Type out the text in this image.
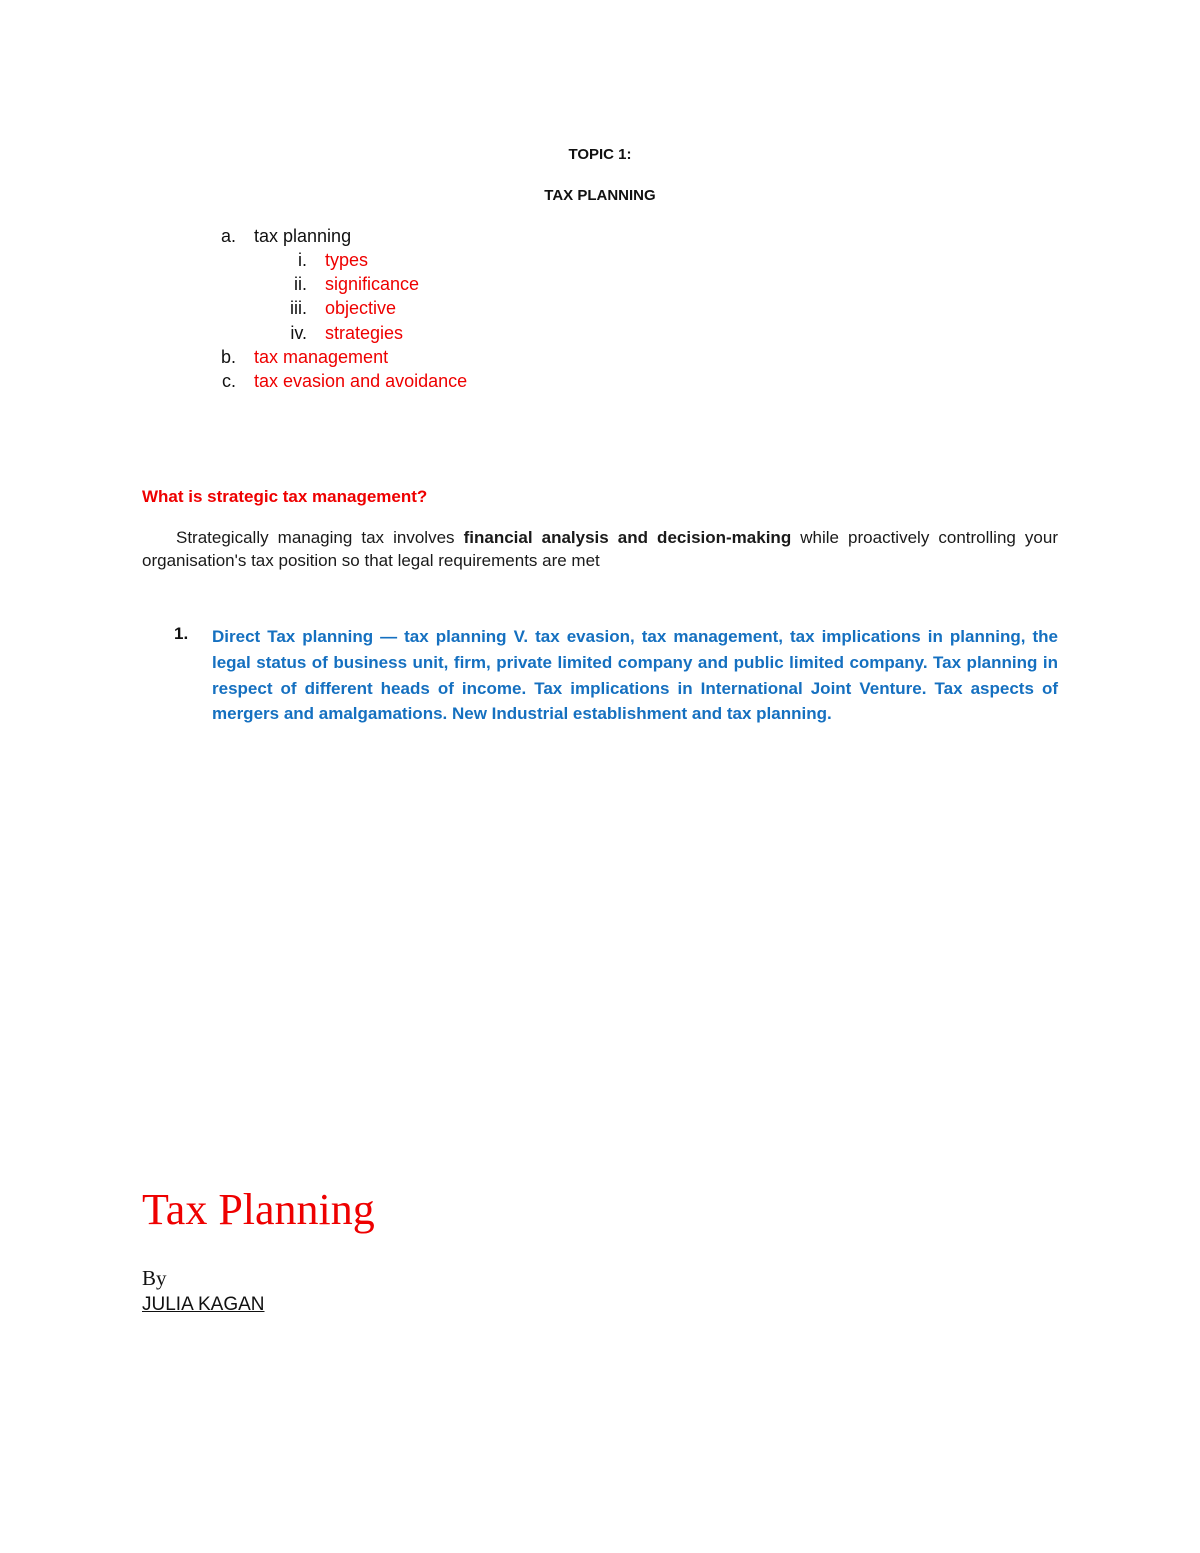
TOPIC 1:
TAX PLANNING
a. tax planning
i. types
ii. significance
iii. objective
iv. strategies
b. tax management
c. tax evasion and avoidance
What is strategic tax management?
Strategically managing tax involves financial analysis and decision-making while proactively controlling your organisation's tax position so that legal requirements are met
1. Direct Tax planning — tax planning V. tax evasion, tax management, tax implications in planning, the legal status of business unit, firm, private limited company and public limited company. Tax planning in respect of different heads of income. Tax implications in International Joint Venture. Tax aspects of mergers and amalgamations. New Industrial establishment and tax planning.
Tax Planning
By
JULIA KAGAN
